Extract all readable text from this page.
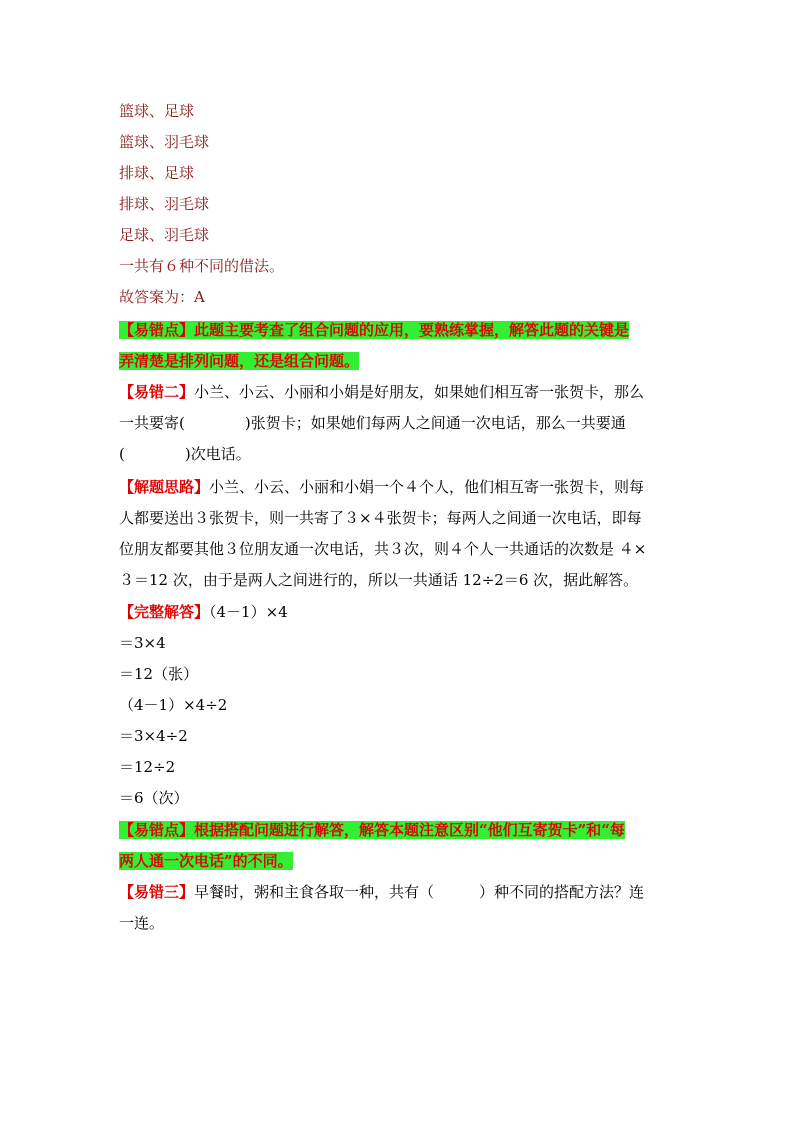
篮球、足球
篮球、羽毛球
排球、足球
排球、羽毛球
足球、羽毛球
一共有６种不同的借法。
故答案为：A
【易错点】此题主要考查了组合问题的应用，要熟练掌握，解答此题的关键是
弄清楚是排列问题，还是组合问题。
【易错二】小兰、小云、小丽和小娟是好朋友，如果她们相互寄一张贺卡，那么
一共要寄(　　　　)张贺卡；如果她们每两人之间通一次电话，那么一共要通
(　　　　)次电话。
【解题思路】小兰、小云、小丽和小娟一个４个人，他们相互寄一张贺卡，则每
人都要送出３张贺卡，则一共寄了３×４张贺卡；每两人之间通一次电话，即每
位朋友都要其他３位朋友通一次电话，共３次，则４个人一共通话的次数是 ４×
３＝12 次，由于是两人之间进行的，所以一共通话 12÷2＝6 次，据此解答。
【完整解答】（4－1）×4
＝3×4
＝12（张）
（4－1）×4÷2
＝3×4÷2
＝12÷2
＝6（次）
【易错点】根据搭配问题进行解答，解答本题注意区别“他们互寄贺卡”和“每
两人通一次电话”的不同。
【易错三】早餐时，粥和主食各取一种，共有（　　　）种不同的搭配方法？连
一连。
